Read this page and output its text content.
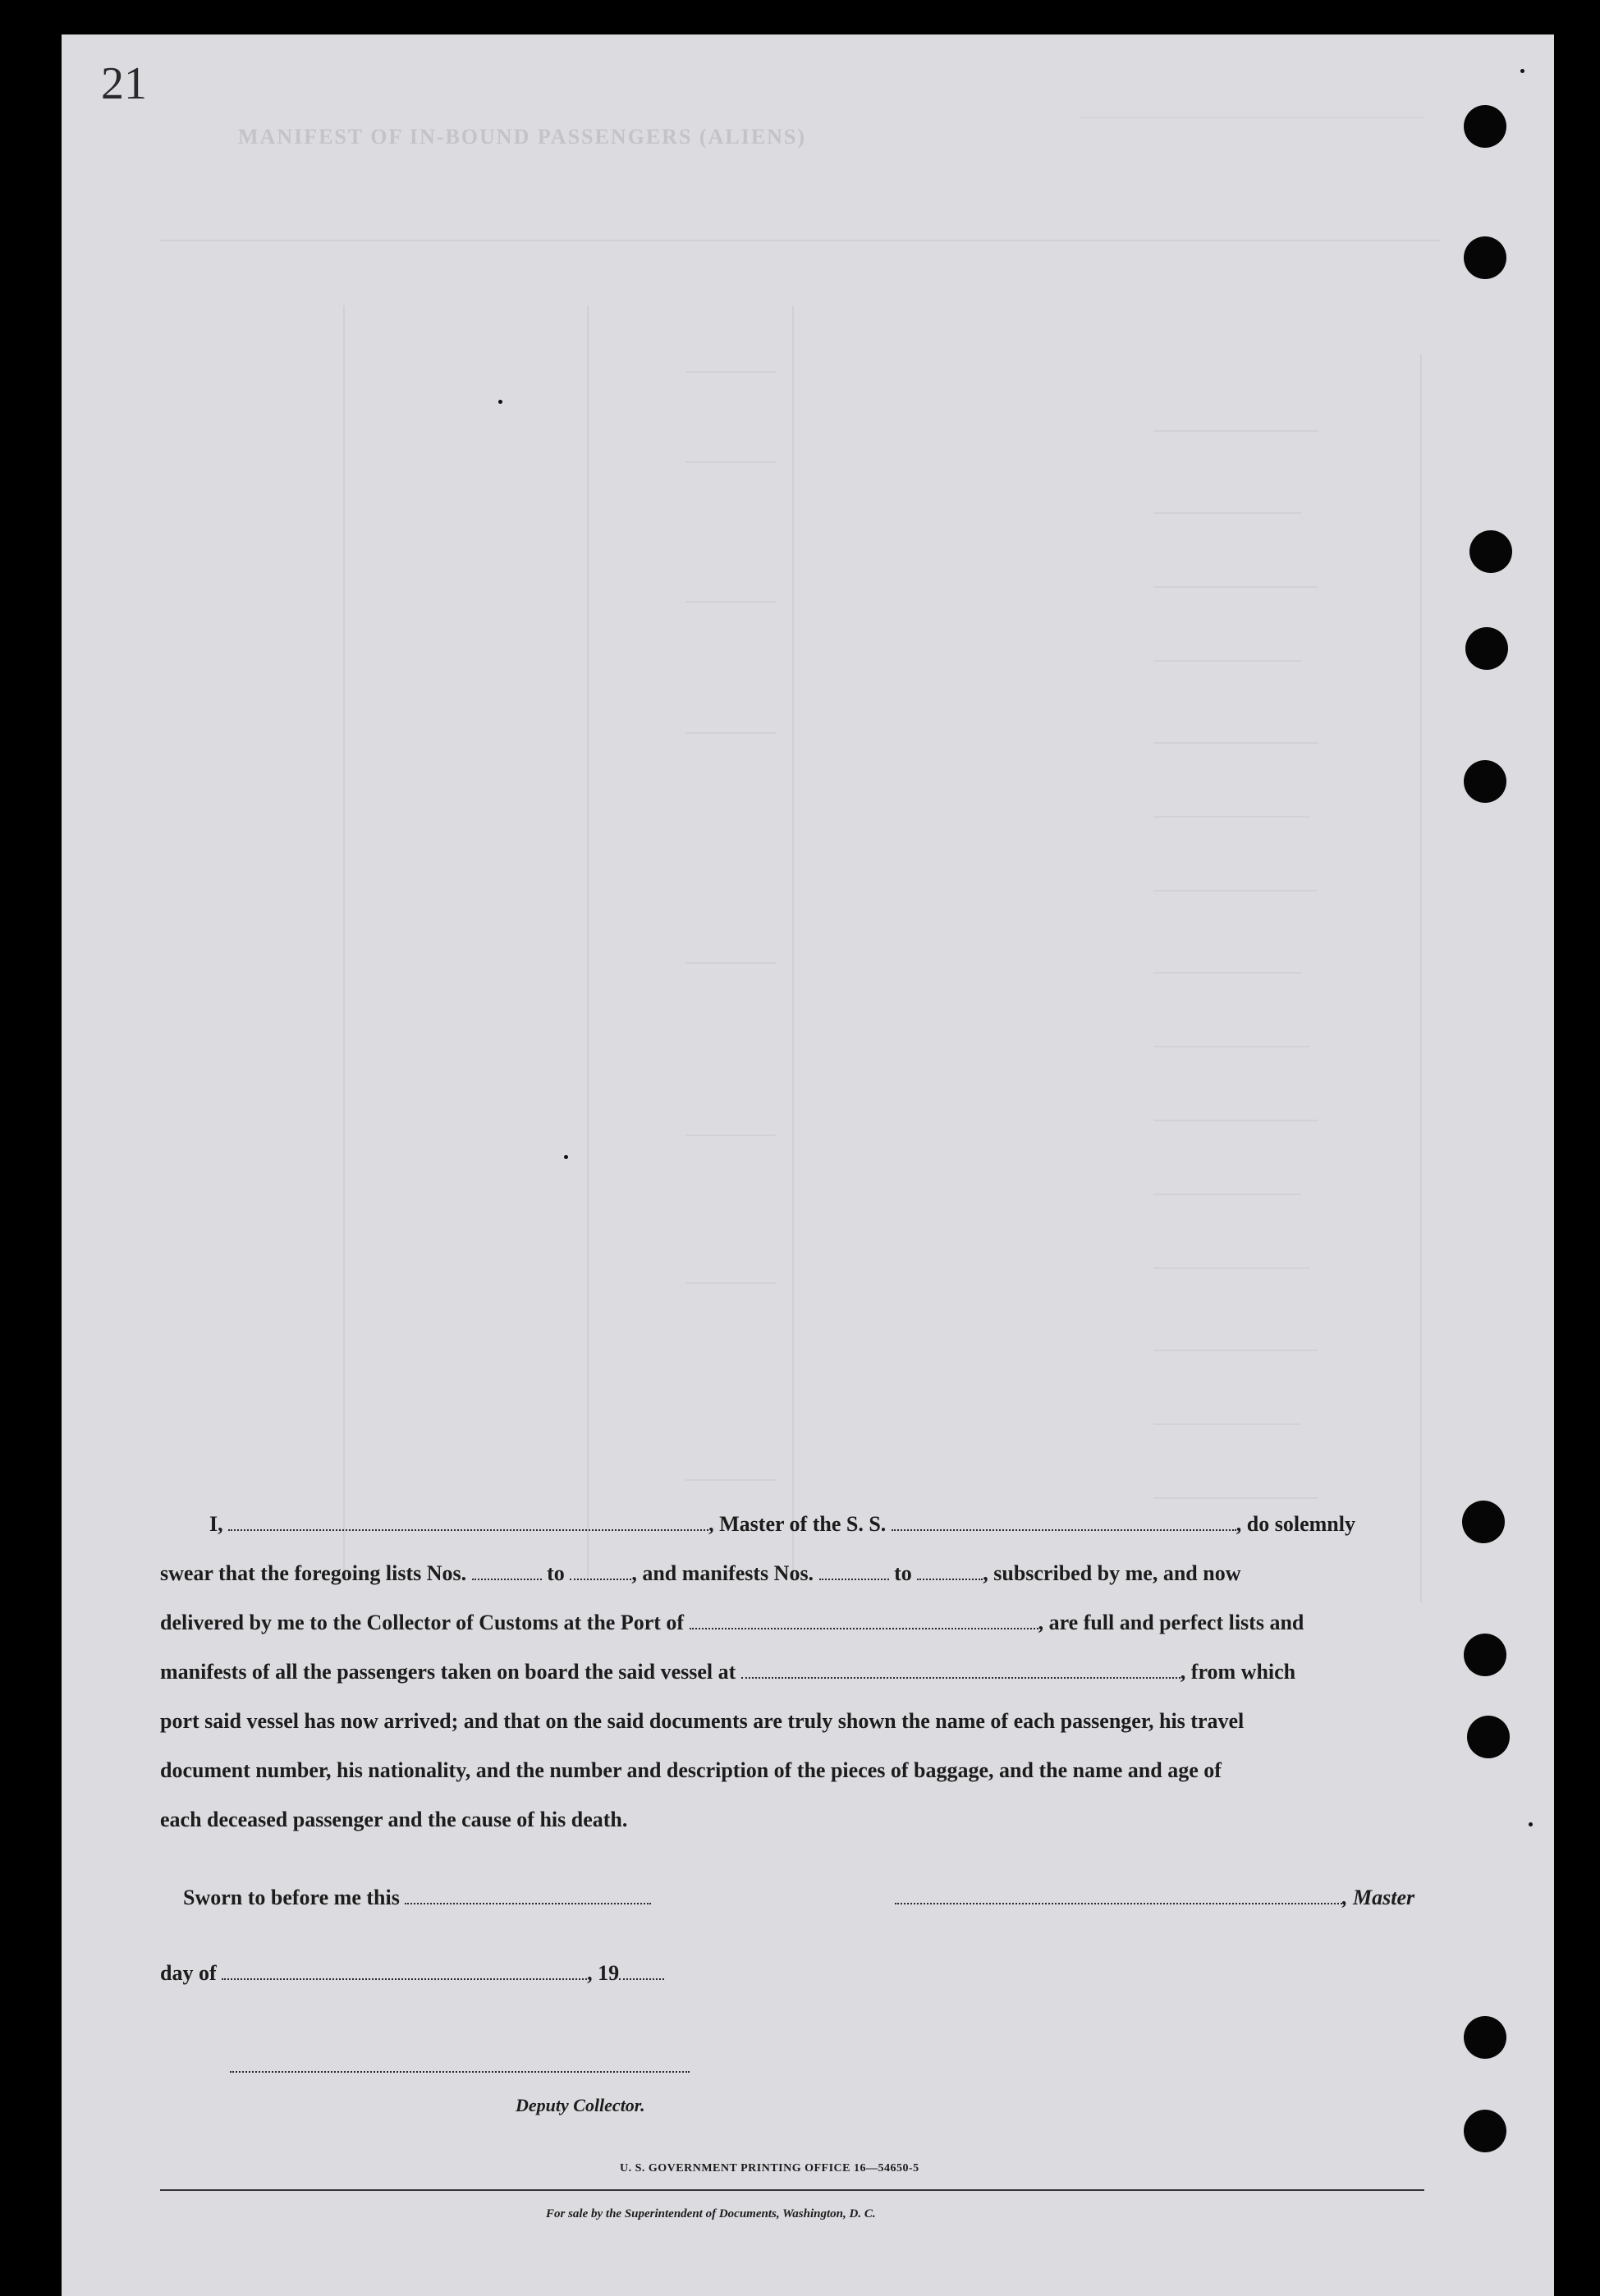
21
MANIFEST OF IN-BOUND PASSENGERS (ALIENS)
I,	, Master of the S. S.	, do solemnly
swear that the foregoing lists Nos.	to	, and manifests Nos.	to	, subscribed by me, and now
delivered by me to the Collector of Customs at the Port of	, are full and perfect lists and
manifests of all the passengers taken on board the said vessel at	, from which
port said vessel has now arrived; and that on the said documents are truly shown the name of each passenger, his travel
document number, his nationality, and the number and description of the pieces of baggage, and the name and age of
each deceased passenger and the cause of his death.
Sworn to before me this	, Master
day of	, 19
Deputy Collector.
U. S. GOVERNMENT PRINTING OFFICE 16—54650-5
For sale by the Superintendent of Documents, Washington, D. C.
